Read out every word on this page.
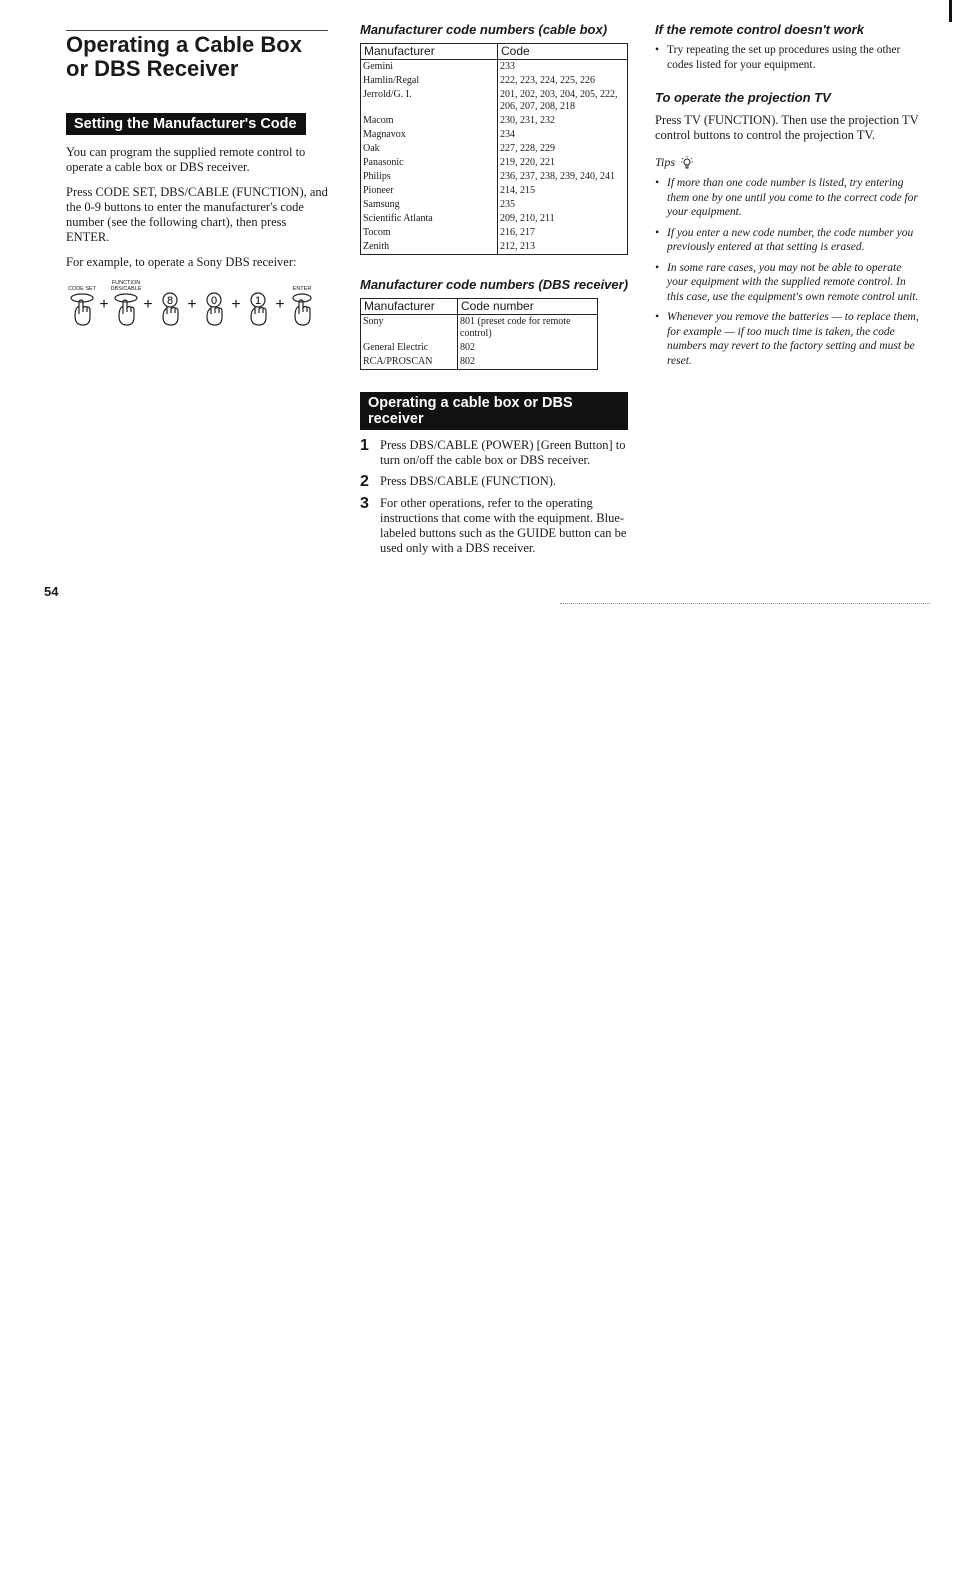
Operating a Cable Box or DBS Receiver
Setting the Manufacturer's Code

You can program the supplied remote control to operate a cable box or DBS receiver.

Press CODE SET, DBS/CABLE (FUNCTION), and the 0-9 buttons to enter the manufacturer's code number (see the following chart), then press ENTER.

For example, to operate a Sony DBS receiver:

CODE SET
+
FUNCTION
DBS/CABLE
+ 8 + 0 + 1 +
ENTER
Manufacturer code numbers (cable box)
Manufacturer	Code
Gemini	233
Hamlin/Regal	222, 223, 224, 225, 226
Jerrold/G. I.	201, 202, 203, 204, 205, 222, 206, 207, 208, 218
Macom	230, 231, 232
Magnavox	234
Oak	227, 228, 229
Panasonic	219, 220, 221
Philips	236, 237, 238, 239, 240, 241
Pioneer	214, 215
Samsung	235
Scientific Atlanta	209, 210, 211
Tocom	216, 217
Zenith	212, 213
Manufacturer code numbers (DBS receiver)
Manufacturer	Code number
Sony	801 (preset code for remote control)
General Electric	802
RCA/PROSCAN	802
Operating a cable box or DBS receiver
1 Press DBS/CABLE (POWER) [Green Button] to turn on/off the cable box or DBS receiver.
2 Press DBS/CABLE (FUNCTION).
3 For other operations, refer to the operating instructions that come with the equipment. Blue-labeled buttons such as the GUIDE button can be used only with a DBS receiver.
If the remote control doesn't work
• Try repeating the set up procedures using the other codes listed for your equipment.
To operate the projection TV

Press TV (FUNCTION). Then use the projection TV control buttons to control the projection TV.

Tips
• If more than one code number is listed, try entering them one by one until you come to the correct code for your equipment.
• If you enter a new code number, the code number you previously entered at that setting is erased.
• In some rare cases, you may not be able to operate your equipment with the supplied remote control. In this case, use the equipment's own remote control unit.
• Whenever you remove the batteries — to replace them, for example — if too much time is taken, the code numbers may revert to the factory setting and must be reset.
54
